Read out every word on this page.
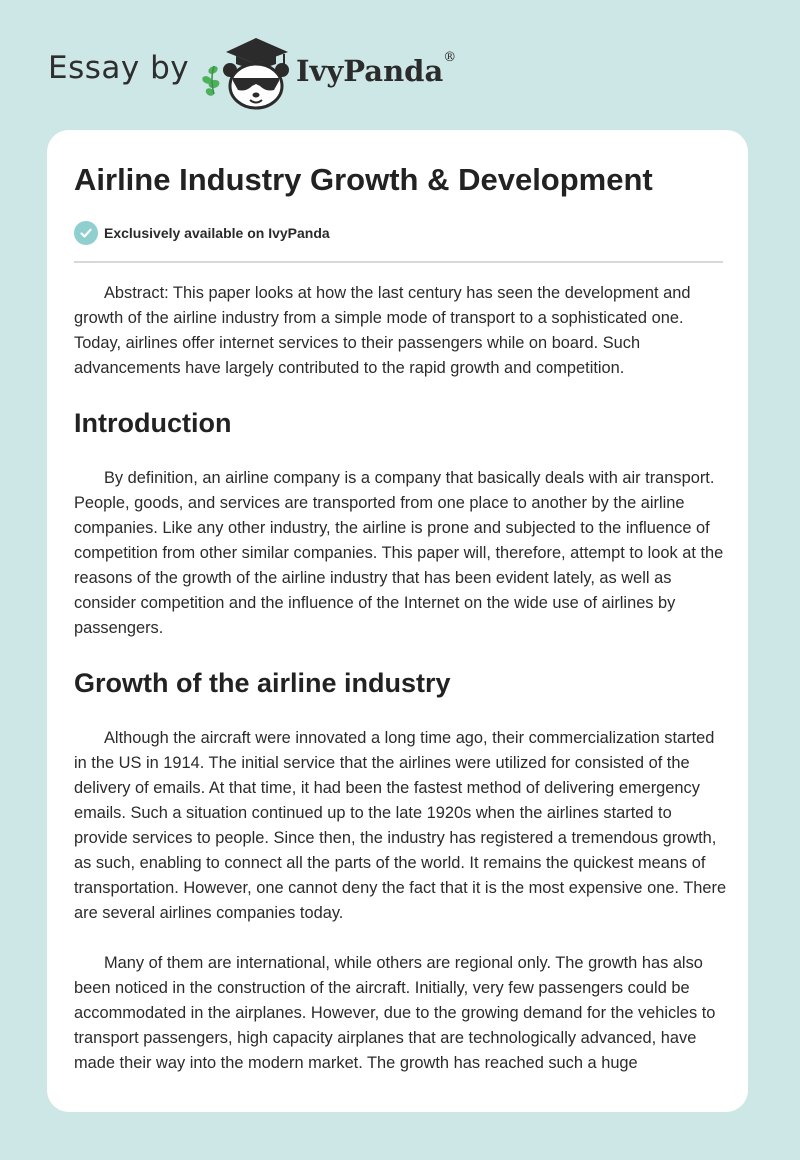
Essay by	IvyPanda®
Airline Industry Growth & Development
Exclusively available on IvyPanda

Abstract: This paper looks at how the last century has seen the development and growth of the airline industry from a simple mode of transport to a sophisticated one. Today, airlines offer internet services to their passengers while on board. Such advancements have largely contributed to the rapid growth and competition.

Introduction

By definition, an airline company is a company that basically deals with air transport. People, goods, and services are transported from one place to another by the airline companies. Like any other industry, the airline is prone and subjected to the influence of competition from other similar companies. This paper will, therefore, attempt to look at the reasons of the growth of the airline industry that has been evident lately, as well as consider competition and the influence of the Internet on the wide use of airlines by passengers.

Growth of the airline industry

Although the aircraft were innovated a long time ago, their commercialization started in the US in 1914. The initial service that the airlines were utilized for consisted of the delivery of emails. At that time, it had been the fastest method of delivering emergency emails. Such a situation continued up to the late 1920s when the airlines started to provide services to people. Since then, the industry has registered a tremendous growth, as such, enabling to connect all the parts of the world. It remains the quickest means of transportation. However, one cannot deny the fact that it is the most expensive one. There are several airlines companies today.

Many of them are international, while others are regional only. The growth has also been noticed in the construction of the aircraft. Initially, very few passengers could be accommodated in the airplanes. However, due to the growing demand for the vehicles to transport passengers, high capacity airplanes that are technologically advanced, have made their way into the modern market. The growth has reached such a huge
